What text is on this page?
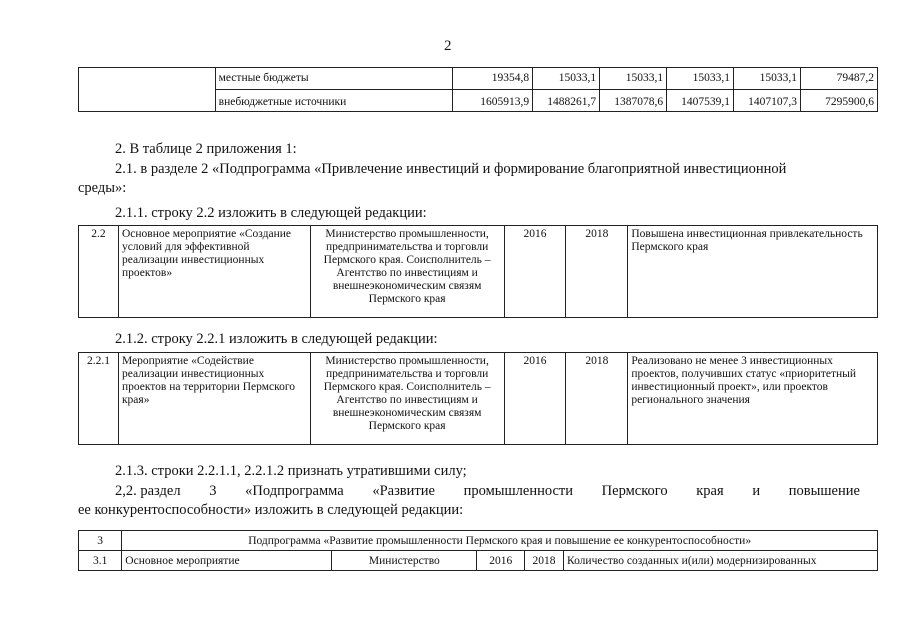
2
	местные бюджеты	19354,8	15033,1	15033,1	15033,1	15033,1	79487,2
	внебюджетные источники	1605913,9	1488261,7	1387078,6	1407539,1	1407107,3	7295900,6
2. В таблице 2 приложения 1:
2.1. в разделе 2 «Подпрограмма «Привлечение инвестиций и формирование благоприятной инвестиционной
среды»:
2.1.1. строку 2.2 изложить в следующей редакции:
2.2	Основное мероприятие «Создание условий для эффективной реализации инвестиционных проектов»	Министерство промышленности, предпринимательства и торговли Пермского края. Соисполнитель – Агентство по инвестициям и внешнеэкономическим связям Пермского края	2016	2018	Повышена инвестиционная привлекательность Пермского края
2.1.2. строку 2.2.1 изложить в следующей редакции:
2.2.1	Мероприятие «Содействие реализации инвестиционных проектов на территории Пермского края»	Министерство промышленности, предпринимательства и торговли Пермского края. Соисполнитель – Агентство по инвестициям и внешнеэкономическим связям Пермского края	2016	2018	Реализовано не менее 3 инвестиционных проектов, получивших статус «приоритетный инвестиционный проект», или проектов регионального значения
2.1.3. строки 2.2.1.1, 2.2.1.2 признать утратившими силу;
2,2. раздел 3 «Подпрограмма «Развитие промышленности Пермского края и повышение
ее конкурентоспособности» изложить в следующей редакции:
3	Подпрограмма «Развитие промышленности Пермского края и повышение ее конкурентоспособности»				
3.1	Основное мероприятие	Министерство	2016	2018	Количество созданных и(или) модернизированных
